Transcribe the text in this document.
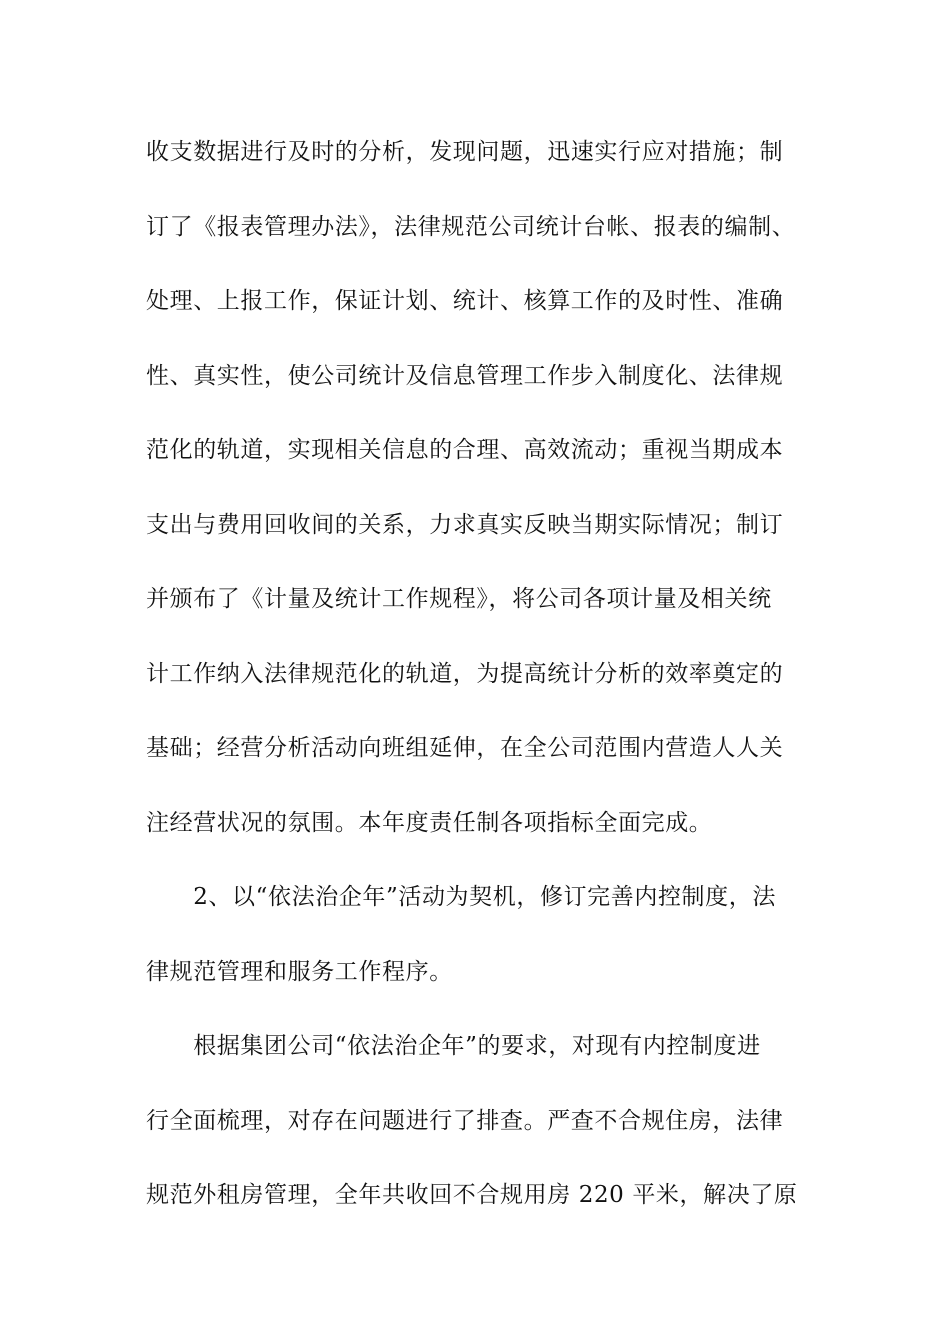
收支数据进行及时的分析，发现问题，迅速实行应对措施；制
订了《报表管理办法》，法律规范公司统计台帐、报表的编制、
处理、上报工作，保证计划、统计、核算工作的及时性、准确
性、真实性，使公司统计及信息管理工作步入制度化、法律规
范化的轨道，实现相关信息的合理、高效流动；重视当期成本
支出与费用回收间的关系，力求真实反映当期实际情况；制订
并颁布了《计量及统计工作规程》，将公司各项计量及相关统
计工作纳入法律规范化的轨道，为提高统计分析的效率奠定的
基础；经营分析活动向班组延伸，在全公司范围内营造人人关
注经营状况的氛围。本年度责任制各项指标全面完成。
　　2、以“依法治企年”活动为契机，修订完善内控制度，法
律规范管理和服务工作程序。
　　根据集团公司“依法治企年”的要求，对现有内控制度进
行全面梳理，对存在问题进行了排查。严查不合规住房，法律
规范外租房管理，全年共收回不合规用房 220 平米，解决了原
